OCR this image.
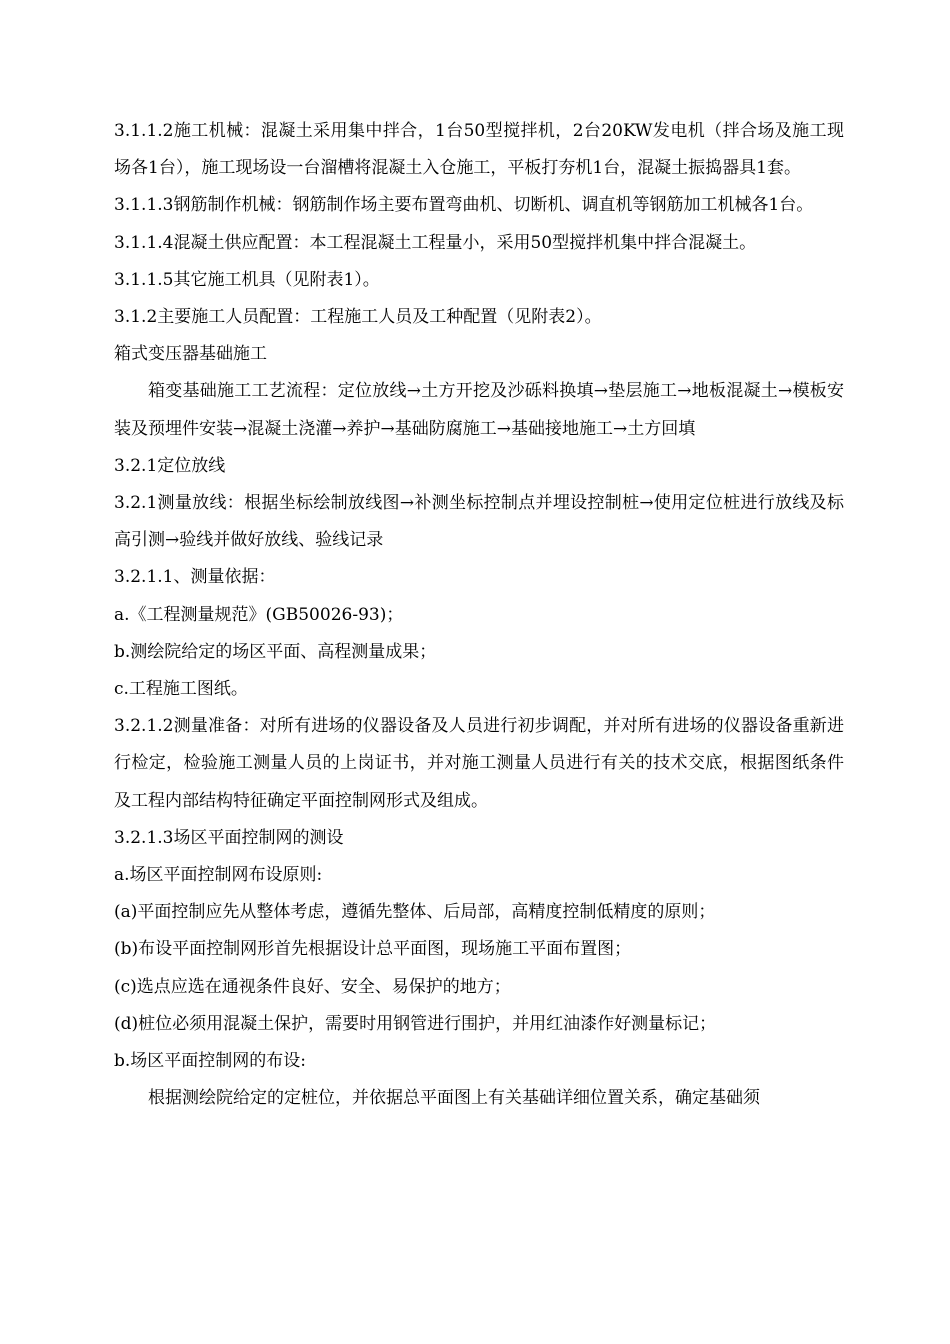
3.1.1.2施工机械：混凝土采用集中拌合，1台50型搅拌机，2台20KW发电机（拌合场及施工现场各1台），施工现场设一台溜槽将混凝土入仓施工，平板打夯机1台，混凝土振捣器具1套。

3.1.1.3钢筋制作机械：钢筋制作场主要布置弯曲机、切断机、调直机等钢筋加工机械各1台。

3.1.1.4混凝土供应配置：本工程混凝土工程量小，采用50型搅拌机集中拌合混凝土。

3.1.1.5其它施工机具（见附表1）。

3.1.2主要施工人员配置：工程施工人员及工种配置（见附表2）。

箱式变压器基础施工

箱变基础施工工艺流程：定位放线→土方开挖及沙砾料换填→垫层施工→地板混凝土→模板安装及预埋件安装→混凝土浇灌→养护→基础防腐施工→基础接地施工→土方回填

3.2.1定位放线

3.2.1测量放线：根据坐标绘制放线图→补测坐标控制点并埋设控制桩→使用定位桩进行放线及标高引测→验线并做好放线、验线记录

3.2.1.1、测量依据：

a.《工程测量规范》(GB50026-93)；

b.测绘院给定的场区平面、高程测量成果；

c.工程施工图纸。

3.2.1.2测量准备：对所有进场的仪器设备及人员进行初步调配，并对所有进场的仪器设备重新进行检定，检验施工测量人员的上岗证书，并对施工测量人员进行有关的技术交底，根据图纸条件及工程内部结构特征确定平面控制网形式及组成。

3.2.1.3场区平面控制网的测设

a.场区平面控制网布设原则:

(a)平面控制应先从整体考虑，遵循先整体、后局部，高精度控制低精度的原则；

(b)布设平面控制网形首先根据设计总平面图，现场施工平面布置图；

(c)选点应选在通视条件良好、安全、易保护的地方；

(d)桩位必须用混凝土保护，需要时用钢管进行围护，并用红油漆作好测量标记；

b.场区平面控制网的布设:

根据测绘院给定的定桩位，并依据总平面图上有关基础详细位置关系，确定基础须
